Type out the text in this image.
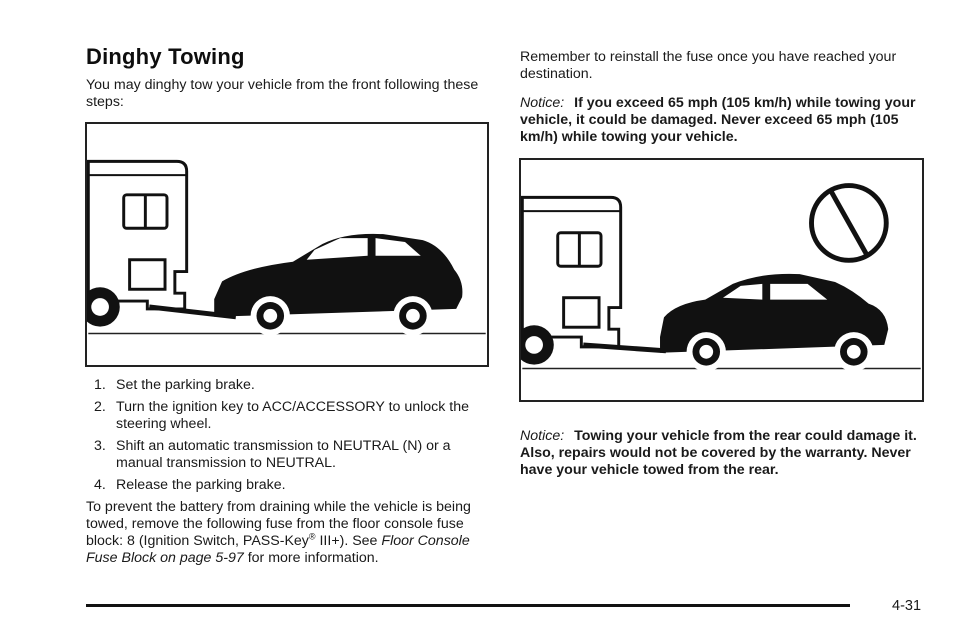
Dinghy Towing

You may dinghy tow your vehicle from the front following these steps:

1. Set the parking brake.
2. Turn the ignition key to ACC/ACCESSORY to unlock the steering wheel.
3. Shift an automatic transmission to NEUTRAL (N) or a manual transmission to NEUTRAL.
4. Release the parking brake.

To prevent the battery from draining while the vehicle is being towed, remove the following fuse from the floor console fuse block: 8 (Ignition Switch, PASS-Key® III+). See Floor Console Fuse Block on page 5-97 for more information.

Remember to reinstall the fuse once you have reached your destination.

Notice: If you exceed 65 mph (105 km/h) while towing your vehicle, it could be damaged. Never exceed 65 mph (105 km/h) while towing your vehicle.

Notice: Towing your vehicle from the rear could damage it. Also, repairs would not be covered by the warranty. Never have your vehicle towed from the rear.

4-31
